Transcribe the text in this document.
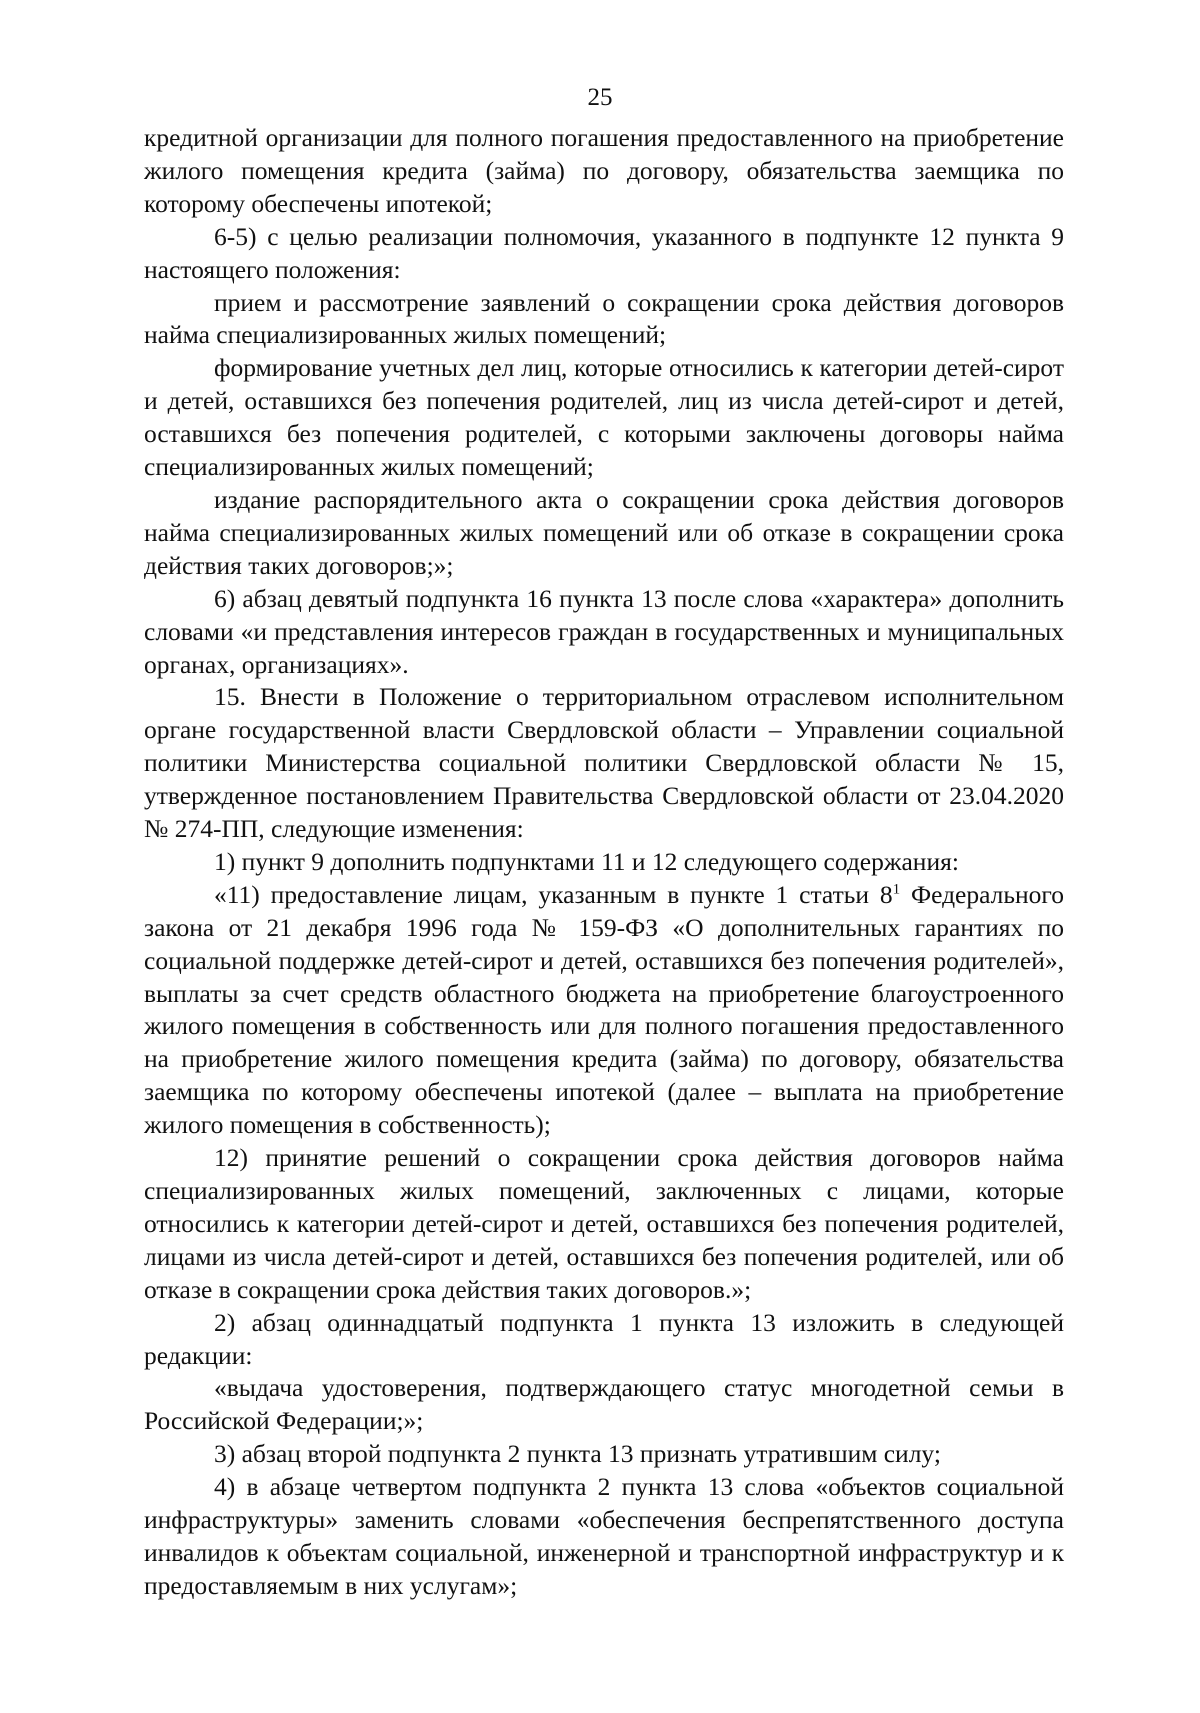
25

кредитной организации для полного погашения предоставленного на приобретение жилого помещения кредита (займа) по договору, обязательства заемщика по которому обеспечены ипотекой;

6-5) с целью реализации полномочия, указанного в подпункте 12 пункта 9 настоящего положения:

прием и рассмотрение заявлений о сокращении срока действия договоров найма специализированных жилых помещений;

формирование учетных дел лиц, которые относились к категории детей-сирот и детей, оставшихся без попечения родителей, лиц из числа детей-сирот и детей, оставшихся без попечения родителей, с которыми заключены договоры найма специализированных жилых помещений;

издание распорядительного акта о сокращении срока действия договоров найма специализированных жилых помещений или об отказе в сокращении срока действия таких договоров;»;

6) абзац девятый подпункта 16 пункта 13 после слова «характера» дополнить словами «и представления интересов граждан в государственных и муниципальных органах, организациях».

15. Внести в Положение о территориальном отраслевом исполнительном органе государственной власти Свердловской области – Управлении социальной политики Министерства социальной политики Свердловской области № 15, утвержденное постановлением Правительства Свердловской области от 23.04.2020 № 274-ПП, следующие изменения:

1) пункт 9 дополнить подпунктами 11 и 12 следующего содержания:

«11) предоставление лицам, указанным в пункте 1 статьи $8^1$ Федерального закона от 21 декабря 1996 года № 159-ФЗ «О дополнительных гарантиях по социальной поддержке детей-сирот и детей, оставшихся без попечения родителей», выплаты за счет средств областного бюджета на приобретение благоустроенного жилого помещения в собственность или для полного погашения предоставленного на приобретение жилого помещения кредита (займа) по договору, обязательства заемщика по которому обеспечены ипотекой (далее – выплата на приобретение жилого помещения в собственность);

12) принятие решений о сокращении срока действия договоров найма специализированных жилых помещений, заключенных с лицами, которые относились к категории детей-сирот и детей, оставшихся без попечения родителей, лицами из числа детей-сирот и детей, оставшихся без попечения родителей, или об отказе в сокращении срока действия таких договоров.»;

2) абзац одиннадцатый подпункта 1 пункта 13 изложить в следующей редакции:

«выдача удостоверения, подтверждающего статус многодетной семьи в Российской Федерации;»;

3) абзац второй подпункта 2 пункта 13 признать утратившим силу;

4) в абзаце четвертом подпункта 2 пункта 13 слова «объектов социальной инфраструктуры» заменить словами «обеспечения беспрепятственного доступа инвалидов к объектам социальной, инженерной и транспортной инфраструктур и к предоставляемым в них услугам»;
